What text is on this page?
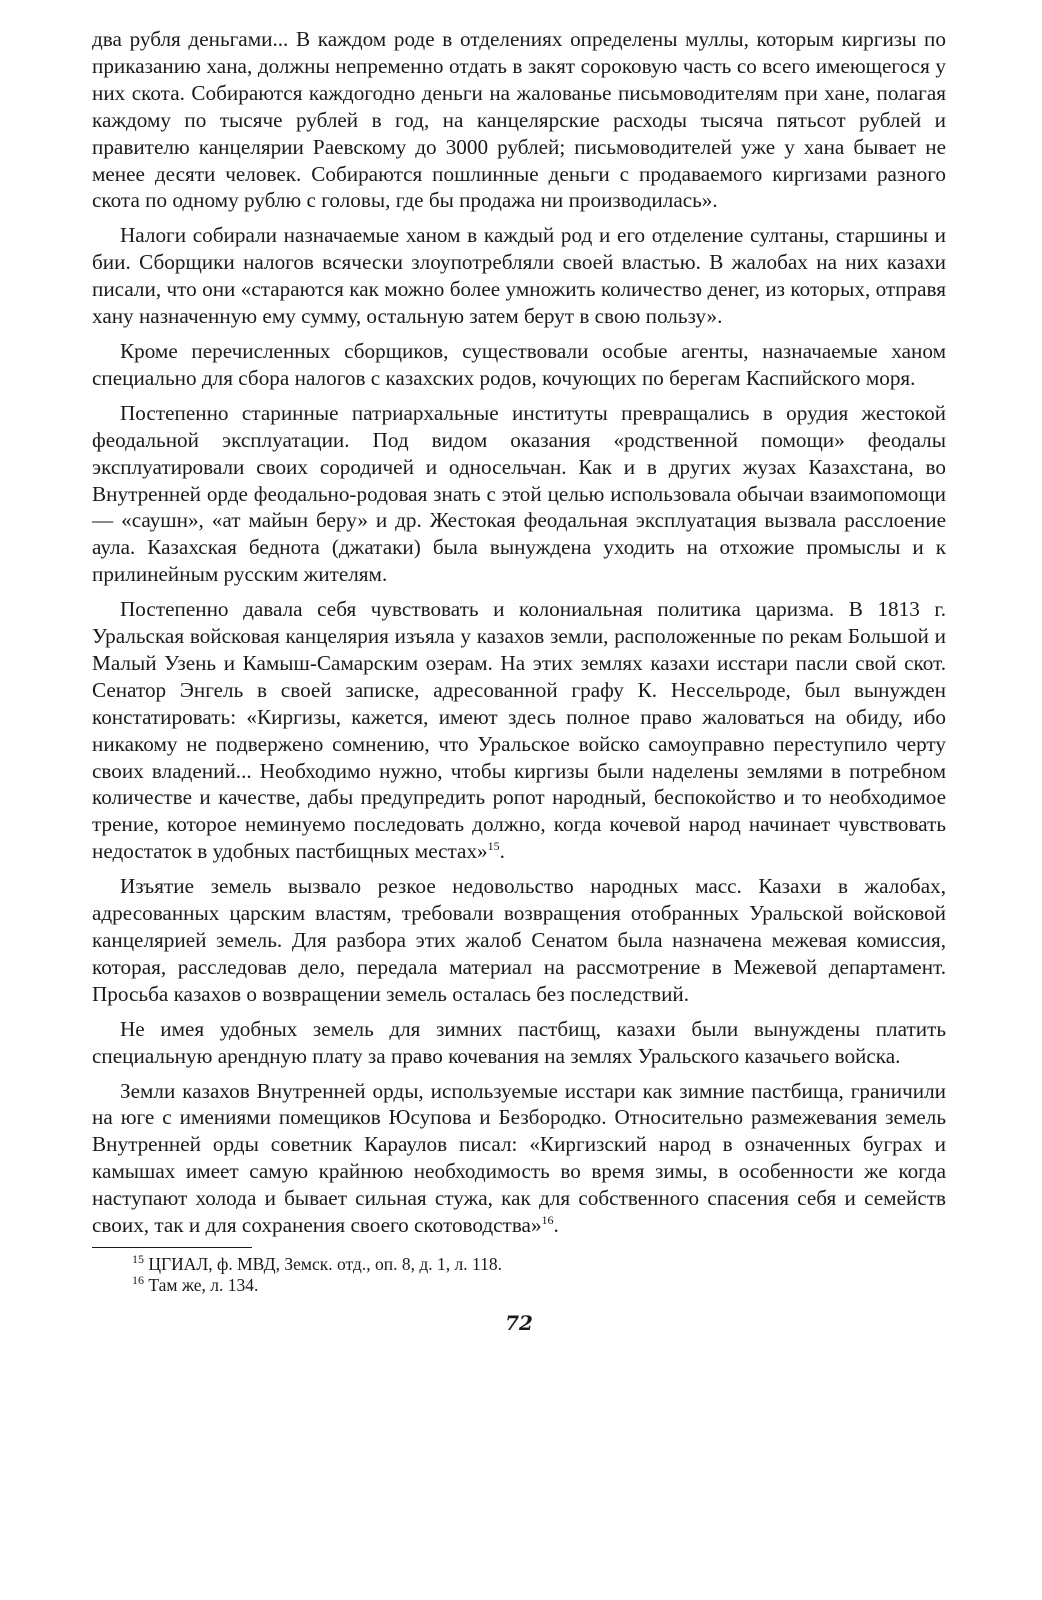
два рубля деньгами... В каждом роде в отделениях определены муллы, которым киргизы по приказанию хана, должны непременно отдать в закят сороковую часть со всего имеющегося у них скота. Собираются каждогодно деньги на жалованье письмоводителям при хане, полагая каждому по тысяче рублей в год, на канцелярские расходы тысяча пятьсот рублей и правителю канцелярии Раевскому до 3000 рублей; письмоводителей уже у хана бывает не менее десяти человек. Собираются пошлинные деньги с продаваемого киргизами разного скота по одному рублю с головы, где бы продажа ни производилась».

Налоги собирали назначаемые ханом в каждый род и его отделение султаны, старшины и бии. Сборщики налогов всячески злоупотребляли своей властью. В жалобах на них казахи писали, что они «стараются как можно более умножить количество денег, из которых, отправя хану назначенную ему сумму, остальную затем берут в свою пользу».

Кроме перечисленных сборщиков, существовали особые агенты, назначаемые ханом специально для сбора налогов с казахских родов, кочующих по берегам Каспийского моря.

Постепенно старинные патриархальные институты превращались в орудия жестокой феодальной эксплуатации. Под видом оказания «родственной помощи» феодалы эксплуатировали своих сородичей и односельчан. Как и в других жузах Казахстана, во Внутренней орде феодально-родовая знать с этой целью использовала обычаи взаимопомощи — «саушн», «ат майын беру» и др. Жестокая феодальная эксплуатация вызвала расслоение аула. Казахская беднота (джатаки) была вынуждена уходить на отхожие промыслы и к прилинейным русским жителям.

Постепенно давала себя чувствовать и колониальная политика царизма. В 1813 г. Уральская войсковая канцелярия изъяла у казахов земли, расположенные по рекам Большой и Малый Узень и Камыш-Самарским озерам. На этих землях казахи исстари пасли свой скот. Сенатор Энгель в своей записке, адресованной графу К. Нессельроде, был вынужден констатировать: «Киргизы, кажется, имеют здесь полное право жаловаться на обиду, ибо никакому не подвержено сомнению, что Уральское войско самоуправно переступило черту своих владений... Необходимо нужно, чтобы киргизы были наделены землями в потребном количестве и качестве, дабы предупредить ропот народный, беспокойство и то необходимое трение, которое неминуемо последовать должно, когда кочевой народ начинает чувствовать недостаток в удобных пастбищных местах»$^{15}$.

Изъятие земель вызвало резкое недовольство народных масс. Казахи в жалобах, адресованных царским властям, требовали возвращения отобранных Уральской войсковой канцелярией земель. Для разбора этих жалоб Сенатом была назначена межевая комиссия, которая, расследовав дело, передала материал на рассмотрение в Межевой департамент. Просьба казахов о возвращении земель осталась без последствий.

Не имея удобных земель для зимних пастбищ, казахи были вынуждены платить специальную арендную плату за право кочевания на землях Уральского казачьего войска.

Земли казахов Внутренней орды, используемые исстари как зимние пастбища, граничили на юге с имениями помещиков Юсупова и Безбородко. Относительно размежевания земель Внутренней орды советник Караулов писал: «Киргизский народ в означенных буграх и камышах имеет самую крайнюю необходимость во время зимы, в особенности же когда наступают холода и бывает сильная стужа, как для собственного спасения себя и семейств своих, так и для сохранения своего скотоводства»$^{16}$.

$^{15}$ ЦГИАЛ, ф. МВД, Земск. отд., оп. 8, д. 1, л. 118.

$^{16}$ Там же, л. 134.

72
